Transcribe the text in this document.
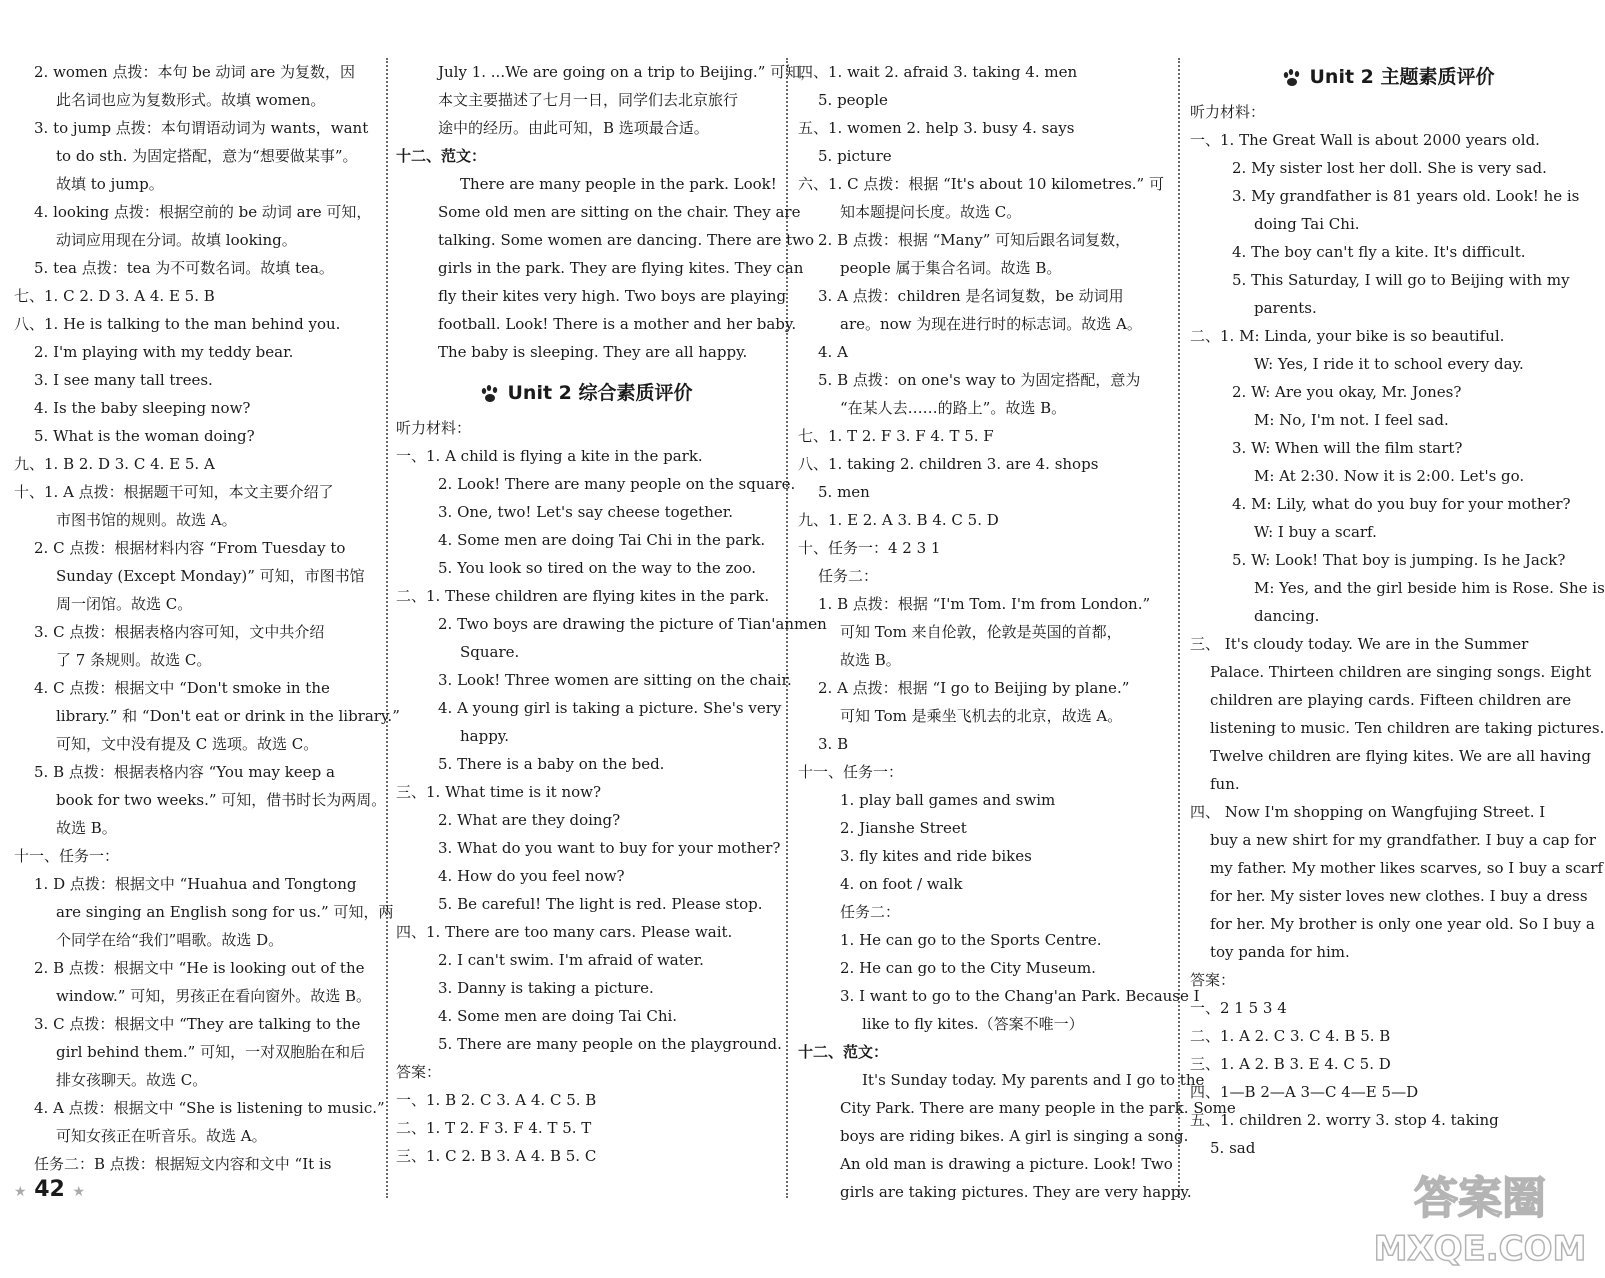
2. women 点拨：本句 be 动词 are 为复数，因
此名词也应为复数形式。故填 women。
3. to jump 点拨：本句谓语动词为 wants，want
to do sth. 为固定搭配，意为“想要做某事”。
故填 to jump。
4. looking 点拨：根据空前的 be 动词 are 可知，
动词应用现在分词。故填 looking。
5. tea 点拨：tea 为不可数名词。故填 tea。
七、1. C 2. D 3. A 4. E 5. B
八、1. He is talking to the man behind you.
2. I'm playing with my teddy bear.
3. I see many tall trees.
4. Is the baby sleeping now?
5. What is the woman doing?
九、1. B 2. D 3. C 4. E 5. A
十、1. A 点拨：根据题干可知，本文主要介绍了
市图书馆的规则。故选 A。
2. C 点拨：根据材料内容 “From Tuesday to
Sunday (Except Monday)” 可知，市图书馆
周一闭馆。故选 C。
3. C 点拨：根据表格内容可知，文中共介绍
了 7 条规则。故选 C。
4. C 点拨：根据文中 “Don't smoke in the
library.” 和 “Don't eat or drink in the library.”
可知，文中没有提及 C 选项。故选 C。
5. B 点拨：根据表格内容 “You may keep a
book for two weeks.” 可知，借书时长为两周。
故选 B。
十一、任务一：
1. D 点拨：根据文中 “Huahua and Tongtong
are singing an English song for us.” 可知，两
个同学在给“我们”唱歌。故选 D。
2. B 点拨：根据文中 “He is looking out of the
window.” 可知，男孩正在看向窗外。故选 B。
3. C 点拨：根据文中 “They are talking to the
girl behind them.” 可知，一对双胞胎在和后
排女孩聊天。故选 C。
4. A 点拨：根据文中 “She is listening to music.”
可知女孩正在听音乐。故选 A。
任务二：B 点拨：根据短文内容和文中 “It is
July 1. ...We are going on a trip to Beijing.” 可知，
本文主要描述了七月一日，同学们去北京旅行
途中的经历。由此可知，B 选项最合适。
十二、范文：
There are many people in the park. Look!
Some old men are sitting on the chair. They are
talking. Some women are dancing. There are two
girls in the park. They are flying kites. They can
fly their kites very high. Two boys are playing
football. Look! There is a mother and her baby.
The baby is sleeping. They are all happy.
Unit 2 综合素质评价
听力材料：
一、1. A child is flying a kite in the park.
2. Look! There are many people on the square.
3. One, two! Let's say cheese together.
4. Some men are doing Tai Chi in the park.
5. You look so tired on the way to the zoo.
二、1. These children are flying kites in the park.
2. Two boys are drawing the picture of Tian'anmen
Square.
3. Look! Three women are sitting on the chair.
4. A young girl is taking a picture. She's very
happy.
5. There is a baby on the bed.
三、1. What time is it now?
2. What are they doing?
3. What do you want to buy for your mother?
4. How do you feel now?
5. Be careful! The light is red. Please stop.
四、1. There are too many cars. Please wait.
2. I can't swim. I'm afraid of water.
3. Danny is taking a picture.
4. Some men are doing Tai Chi.
5. There are many people on the playground.
答案：
一、1. B 2. C 3. A 4. C 5. B
二、1. T 2. F 3. F 4. T 5. T
三、1. C 2. B 3. A 4. B 5. C
四、1. wait 2. afraid 3. taking 4. men
5. people
五、1. women 2. help 3. busy 4. says
5. picture
六、1. C 点拨：根据 “It's about 10 kilometres.” 可
知本题提问长度。故选 C。
2. B 点拨：根据 “Many” 可知后跟名词复数，
people 属于集合名词。故选 B。
3. A 点拨：children 是名词复数，be 动词用
are。now 为现在进行时的标志词。故选 A。
4. A
5. B 点拨：on one's way to 为固定搭配，意为
“在某人去……的路上”。故选 B。
七、1. T 2. F 3. F 4. T 5. F
八、1. taking 2. children 3. are 4. shops
5. men
九、1. E 2. A 3. B 4. C 5. D
十、任务一：4 2 3 1
任务二：
1. B 点拨：根据 “I'm Tom. I'm from London.”
可知 Tom 来自伦敦，伦敦是英国的首都，
故选 B。
2. A 点拨：根据 “I go to Beijing by plane.”
可知 Tom 是乘坐飞机去的北京，故选 A。
3. B
十一、任务一：
1. play ball games and swim
2. Jianshe Street
3. fly kites and ride bikes
4. on foot / walk
任务二：
1. He can go to the Sports Centre.
2. He can go to the City Museum.
3. I want to go to the Chang'an Park. Because I
like to fly kites.（答案不唯一）
十二、范文：
It's Sunday today. My parents and I go to the
City Park. There are many people in the park. Some
boys are riding bikes. A girl is singing a song.
An old man is drawing a picture. Look! Two
girls are taking pictures. They are very happy.
Unit 2 主题素质评价
听力材料：
一、1. The Great Wall is about 2000 years old.
2. My sister lost her doll. She is very sad.
3. My grandfather is 81 years old. Look! he is
doing Tai Chi.
4. The boy can't fly a kite. It's difficult.
5. This Saturday, I will go to Beijing with my
parents.
二、1. M: Linda, your bike is so beautiful.
W: Yes, I ride it to school every day.
2. W: Are you okay, Mr. Jones?
M: No, I'm not. I feel sad.
3. W: When will the film start?
M: At 2:30. Now it is 2:00. Let's go.
4. M: Lily, what do you buy for your mother?
W: I buy a scarf.
5. W: Look! That boy is jumping. Is he Jack?
M: Yes, and the girl beside him is Rose. She is
dancing.
三、 It's cloudy today. We are in the Summer
Palace. Thirteen children are singing songs. Eight
children are playing cards. Fifteen children are
listening to music. Ten children are taking pictures.
Twelve children are flying kites. We are all having
fun.
四、 Now I'm shopping on Wangfujing Street. I
buy a new shirt for my grandfather. I buy a cap for
my father. My mother likes scarves, so I buy a scarf
for her. My sister loves new clothes. I buy a dress
for her. My brother is only one year old. So I buy a
toy panda for him.
答案：
一、2 1 5 3 4
二、1. A 2. C 3. C 4. B 5. B
三、1. A 2. B 3. E 4. C 5. D
四、1—B 2—A 3—C 4—E 5—D
五、1. children 2. worry 3. stop 4. taking
5. sad
★ 42 ★	答案圈
MXQE.COM
